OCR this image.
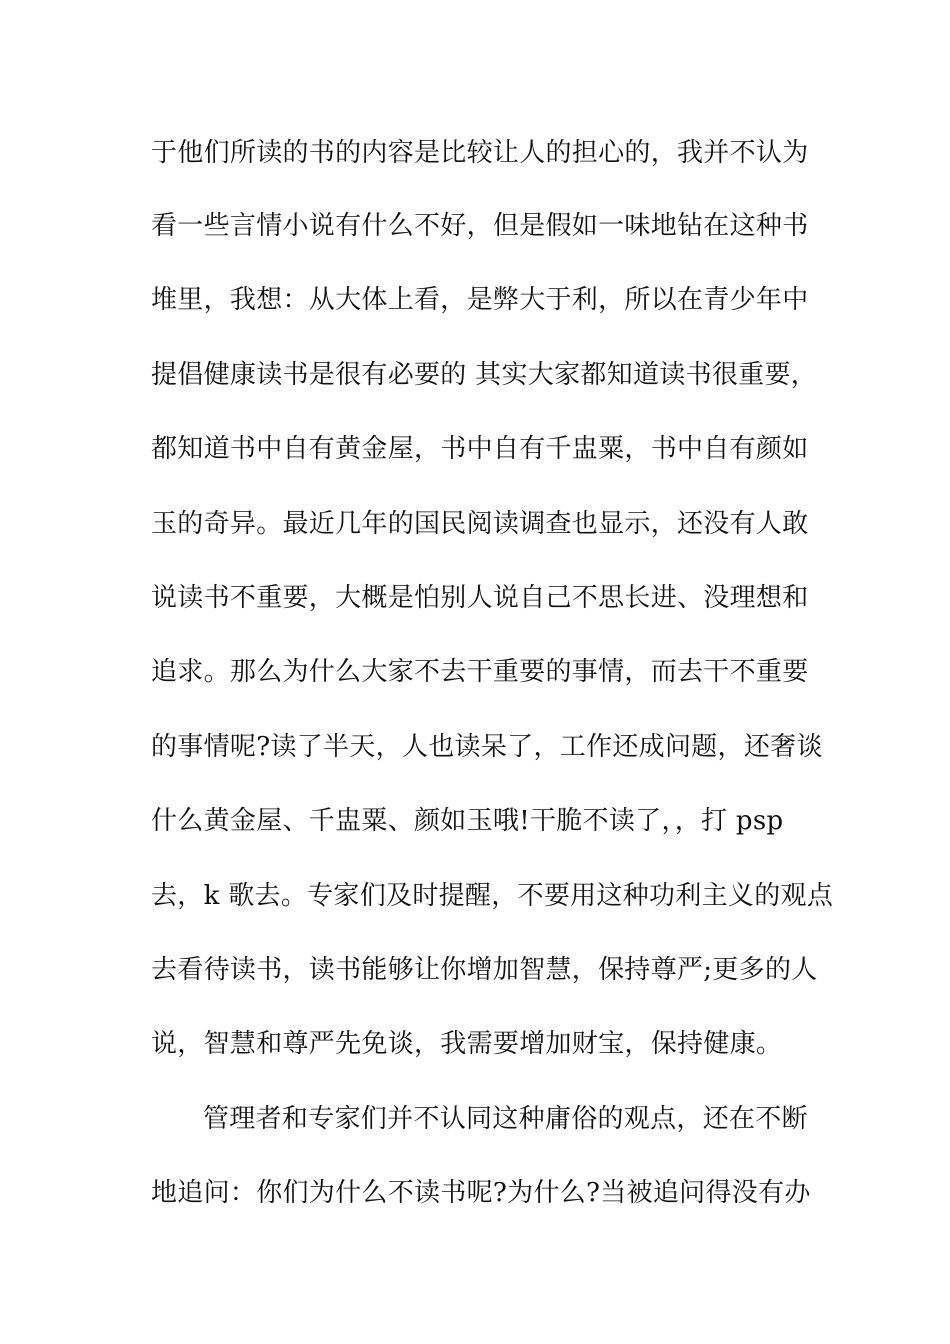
于他们所读的书的内容是比较让人的担心的，我并不认为
看一些言情小说有什么不好，但是假如一味地钻在这种书
堆里，我想：从大体上看，是弊大于利，所以在青少年中
提倡健康读书是很有必要的 其实大家都知道读书很重要，
都知道书中自有黄金屋，书中自有千盅粟，书中自有颜如
玉的奇异。最近几年的国民阅读调查也显示，还没有人敢
说读书不重要，大概是怕别人说自己不思长进、没理想和
追求。那么为什么大家不去干重要的事情，而去干不重要
的事情呢?读了半天，人也读呆了，工作还成问题，还奢谈
什么黄金屋、千盅粟、颜如玉哦!干脆不读了，，打 psp
去，k 歌去。专家们及时提醒，不要用这种功利主义的观点
去看待读书，读书能够让你增加智慧，保持尊严;更多的人
说，智慧和尊严先免谈，我需要增加财宝，保持健康。
管理者和专家们并不认同这种庸俗的观点，还在不断
地追问：你们为什么不读书呢?为什么?当被追问得没有办
